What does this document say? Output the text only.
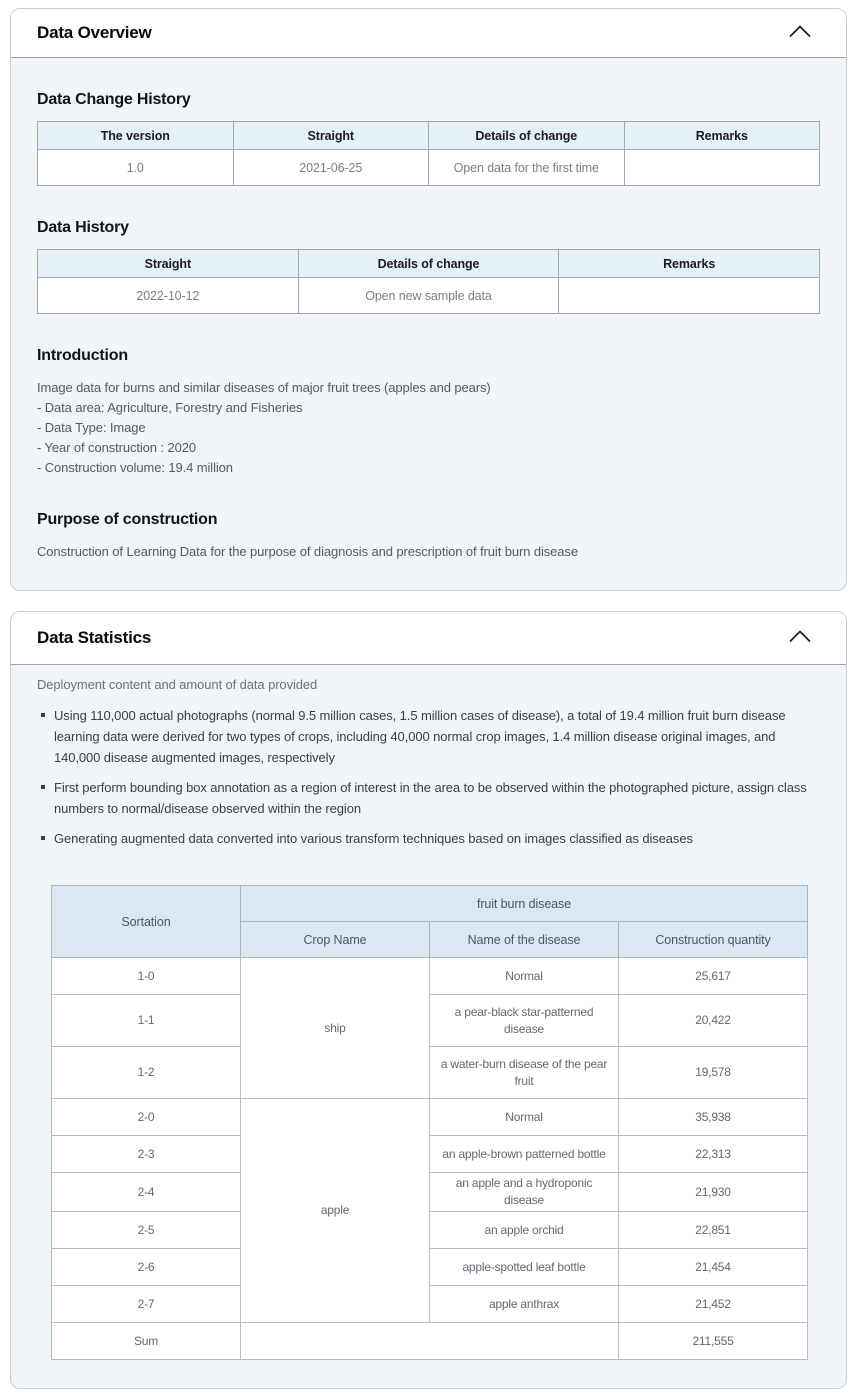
Data Overview
Data Change History
The version	Straight	Details of change	Remarks
1.0	2021-06-25	Open data for the first time	
Data History
Straight	Details of change	Remarks
2022-10-12	Open new sample data	
Introduction
Image data for burns and similar diseases of major fruit trees (apples and pears)
- Data area: Agriculture, Forestry and Fisheries
- Data Type: Image
- Year of construction : 2020
- Construction volume: 19.4 million
Purpose of construction

Construction of Learning Data for the purpose of diagnosis and prescription of fruit burn disease

Data Statistics
Deployment content and amount of data provided
Using 110,000 actual photographs (normal 9.5 million cases, 1.5 million cases of disease), a total of 19.4 million fruit burn disease learning data were derived for two types of crops, including 40,000 normal crop images, 1.4 million disease original images, and 140,000 disease augmented images, respectively
First perform bounding box annotation as a region of interest in the area to be observed within the photographed picture, assign class numbers to normal/disease observed within the region
Generating augmented data converted into various transform techniques based on images classified as diseases
Sortation	fruit burn disease		
	Crop Name	Name of the disease	Construction quantity
1-0	ship	Normal	25,617
1-1		a pear-black star-patterned disease	20,422
1-2		a water-burn disease of the pear fruit	19,578
2-0	apple	Normal	35,938
2-3		an apple-brown patterned bottle	22,313
2-4		an apple and a hydroponic disease	21,930
2-5		an apple orchid	22,851
2-6		apple-spotted leaf bottle	21,454
2-7		apple anthrax	21,452
Sum			211,555
